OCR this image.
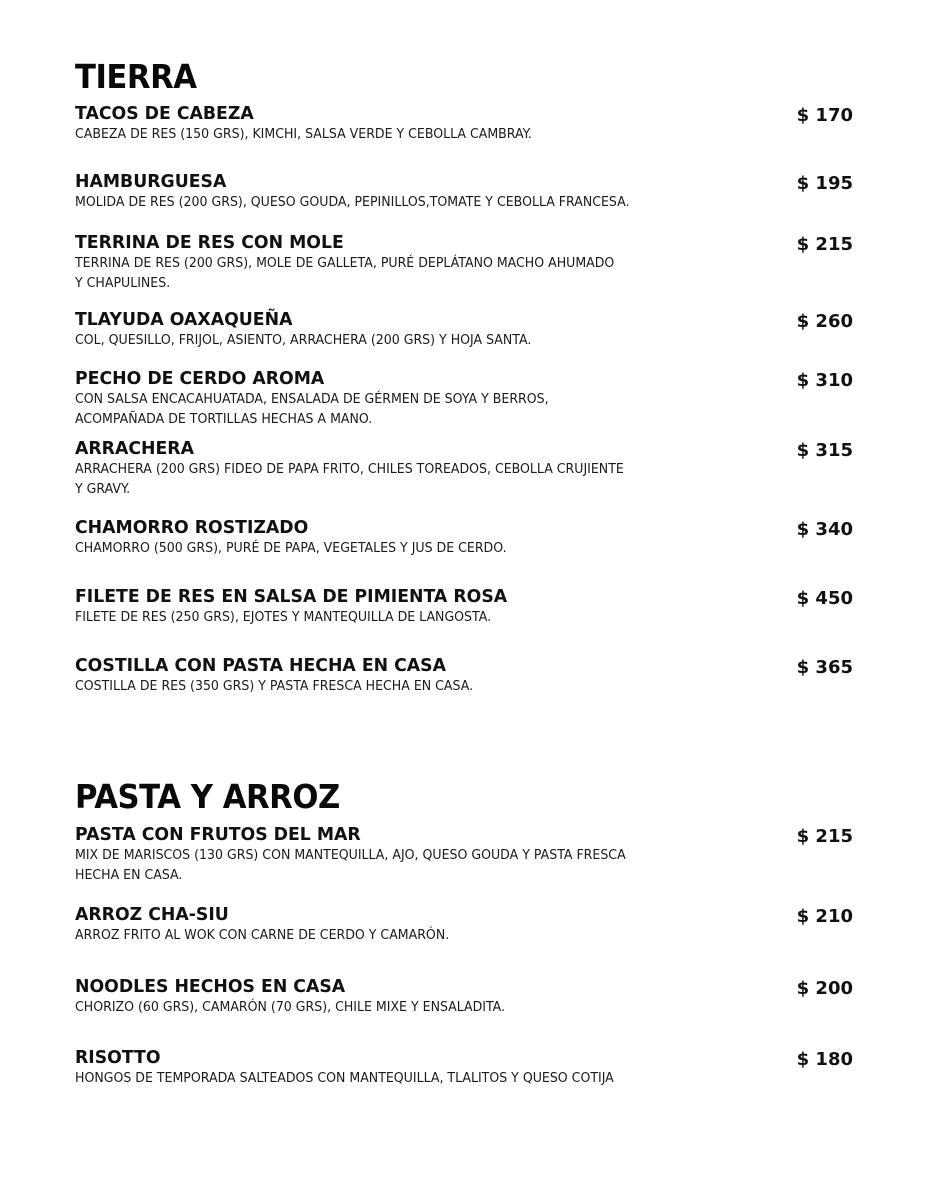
TIERRA
TACOS DE CABEZA
CABEZA DE RES (150 GRS), KIMCHI, SALSA VERDE Y CEBOLLA CAMBRAY.
$ 170
HAMBURGUESA
MOLIDA DE RES (200 GRS), QUESO GOUDA, PEPINILLOS,TOMATE Y CEBOLLA FRANCESA.
$ 195
TERRINA DE RES CON MOLE
TERRINA DE RES (200 GRS), MOLE DE GALLETA, PURÉ DEPLÁTANO MACHO AHUMADO
Y CHAPULINES.
$ 215
TLAYUDA OAXAQUEÑA
COL, QUESILLO, FRIJOL, ASIENTO, ARRACHERA (200 GRS) Y HOJA SANTA.
$ 260
PECHO DE CERDO AROMA
CON SALSA ENCACAHUATADA, ENSALADA DE GÉRMEN DE SOYA Y BERROS,
ACOMPAÑADA DE TORTILLAS HECHAS A MANO.
$ 310
ARRACHERA
ARRACHERA (200 GRS) FIDEO DE PAPA FRITO, CHILES TOREADOS, CEBOLLA CRUJIENTE
Y GRAVY.
$ 315
CHAMORRO ROSTIZADO
CHAMORRO (500 GRS), PURÉ DE PAPA, VEGETALES Y JUS DE CERDO.
$ 340
FILETE DE RES EN SALSA DE PIMIENTA ROSA
FILETE DE RES (250 GRS), EJOTES Y MANTEQUILLA DE LANGOSTA.
$ 450
COSTILLA CON PASTA HECHA EN CASA
COSTILLA DE RES (350 GRS) Y PASTA FRESCA HECHA EN CASA.
$ 365
PASTA Y ARROZ
PASTA CON FRUTOS DEL MAR
MIX DE MARISCOS (130 GRS) CON MANTEQUILLA, AJO, QUESO GOUDA Y PASTA FRESCA
HECHA EN CASA.
$ 215
ARROZ CHA-SIU
ARROZ FRITO AL WOK CON CARNE DE CERDO Y CAMARÓN.
$ 210
NOODLES HECHOS EN CASA
CHORIZO (60 GRS), CAMARÓN (70 GRS), CHILE MIXE Y ENSALADITA.
$ 200
RISOTTO
HONGOS DE TEMPORADA SALTEADOS CON MANTEQUILLA, TLALITOS Y QUESO COTIJA
$ 180
